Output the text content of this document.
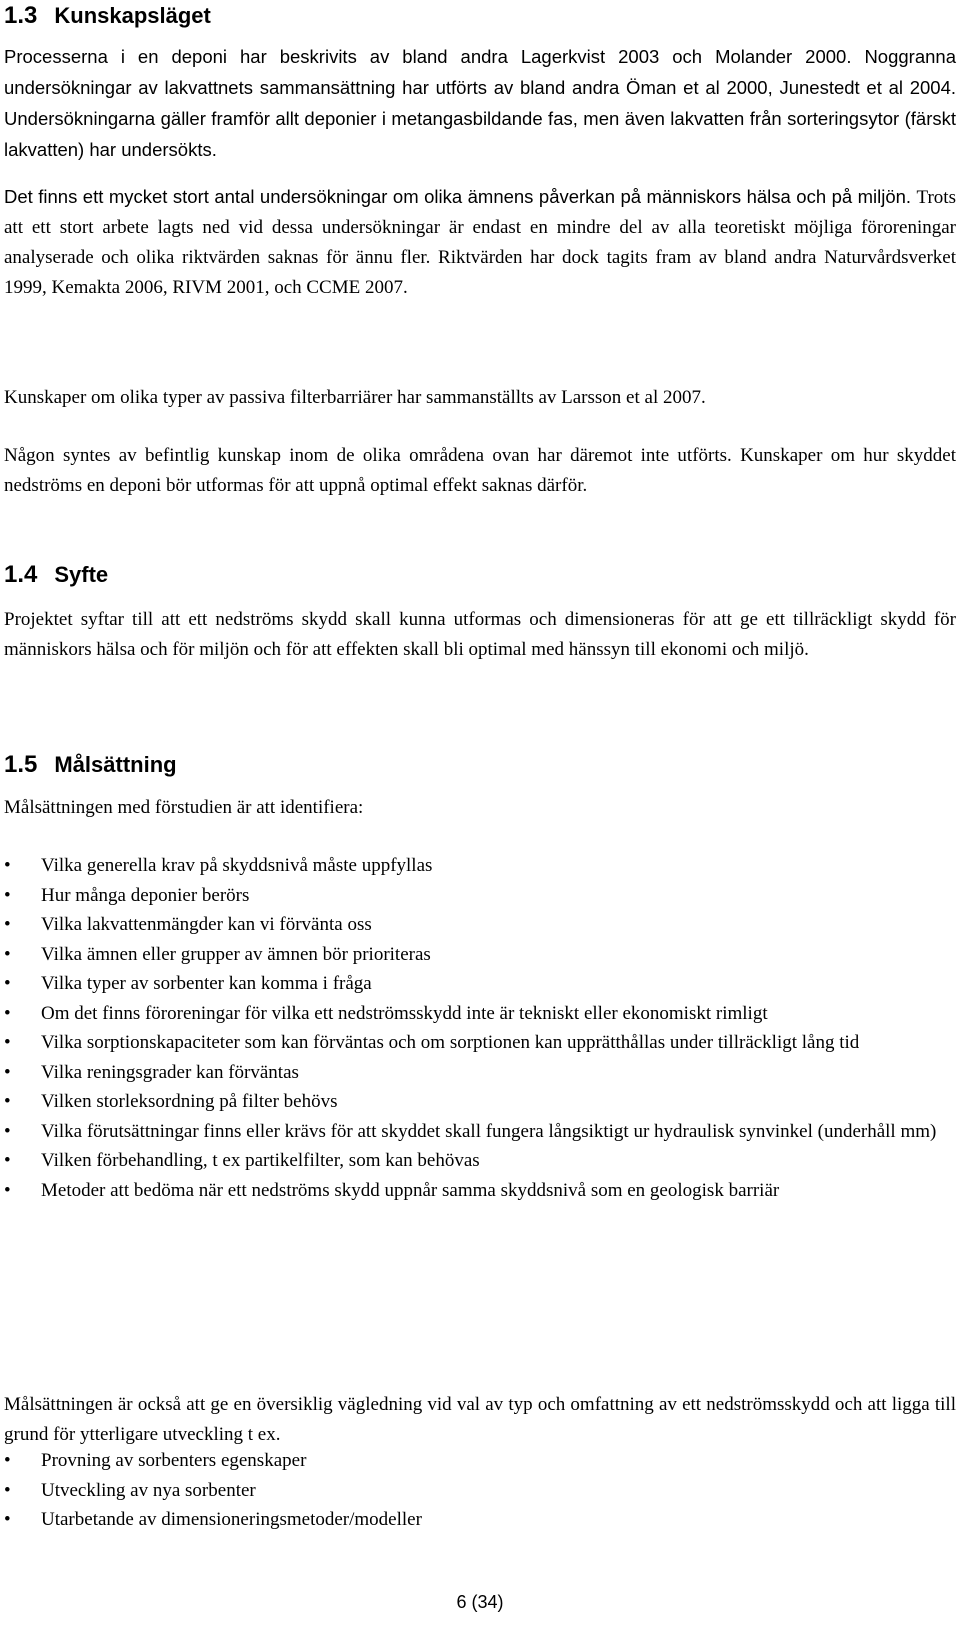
1.3 Kunskapsläget

Processerna i en deponi har beskrivits av bland andra Lagerkvist 2003 och Molander 2000. Noggranna undersökningar av lakvattnets sammansättning har utförts av bland andra Öman et al 2000, Junestedt et al 2004. Undersökningarna gäller framför allt deponier i metangasbildande fas, men även lakvatten från sorteringsytor (färskt lakvatten) har undersökts.

Det finns ett mycket stort antal undersökningar om olika ämnens påverkan på människors hälsa och på miljön. Trots att ett stort arbete lagts ned vid dessa undersökningar är endast en mindre del av alla teoretiskt möjliga föroreningar analyserade och olika riktvärden saknas för ännu fler. Riktvärden har dock tagits fram av bland andra Naturvårdsverket 1999, Kemakta 2006, RIVM 2001, och CCME 2007.

Kunskaper om olika typer av passiva filterbarriärer har sammanställts av Larsson et al 2007.

Någon syntes av befintlig kunskap inom de olika områdena ovan har däremot inte utförts. Kunskaper om hur skyddet nedströms en deponi bör utformas för att uppnå optimal effekt saknas därför.

1.4 Syfte

Projektet syftar till att ett nedströms skydd skall kunna utformas och dimensioneras för att ge ett tillräckligt skydd för människors hälsa och för miljön och för att effekten skall bli optimal med hänssyn till ekonomi och miljö.

1.5 Målsättning

Målsättningen med förstudien är att identifiera:

•	Vilka generella krav på skyddsnivå måste uppfyllas
•	Hur många deponier berörs
•	Vilka lakvattenmängder kan vi förvänta oss
•	Vilka ämnen eller grupper av ämnen bör prioriteras
•	Vilka typer av sorbenter kan komma i fråga
•	Om det finns föroreningar för vilka ett nedströmsskydd inte är tekniskt eller ekonomiskt rimligt
•	Vilka sorptionskapaciteter som kan förväntas och om sorptionen kan upprätthållas under tillräckligt lång tid
•	Vilka reningsgrader kan förväntas
•	Vilken storleksordning på filter behövs
•	Vilka förutsättningar finns eller krävs för att skyddet skall fungera långsiktigt ur hydraulisk synvinkel (underhåll mm)
•	Vilken förbehandling, t ex partikelfilter, som kan behövas
•	Metoder att bedöma när ett nedströms skydd uppnår samma skyddsnivå som en geologisk barriär

Målsättningen är också att ge en översiklig vägledning vid val av typ och omfattning av ett nedströmsskydd och att ligga till grund för ytterligare utveckling t ex.

•	Provning av sorbenters egenskaper
•	Utveckling av nya sorbenter
•	Utarbetande av dimensioneringsmetoder/modeller
6 (34)
